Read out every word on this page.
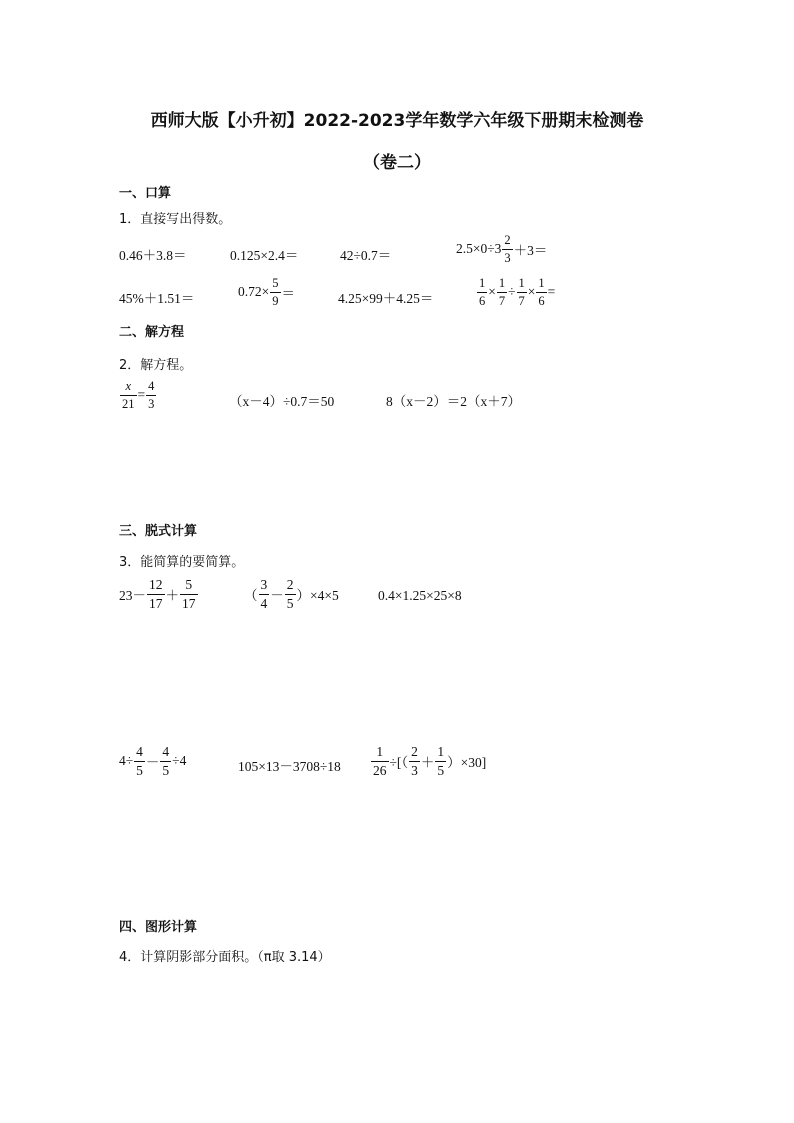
西师大版【小升初】2022-2023学年数学六年级下册期末检测卷
（卷二）
一、口算
1．直接写出得数。
0.46＋3.8＝	0.125×2.4＝	42÷0.7＝	$2.5\times 0\div 3 \frac{2}{3} +3=$
45%＋1.51＝	$0.72\times \frac{5}{9}$ ＝	4.25×99＋4.25＝	$\frac{1}{6} \times \frac{1}{7} \div \frac{1}{7} \times \frac{1}{6}$ =
二、解方程
2．解方程。
$\frac{x}{21} = \frac{4}{3}$	（x－4）÷0.7＝50	8（x－2）＝2（x＋7）
三、脱式计算
3．能简算的要简算。
$23- \frac{12}{17} + \frac{5}{17}$	（ $\frac{3}{4} - \frac{2}{5} )\times 4\times 5$	0.4×1.25×25×8
$4\div \frac{4}{5} - \frac{4}{5} \div 4$	$105\times 13-3708\div 18 \frac{1}{26}$ ÷[（ $\frac{2}{3} + \frac{1}{5} )\times 30$]
四、图形计算
4．计算阴影部分面积。（π取 3.14）
